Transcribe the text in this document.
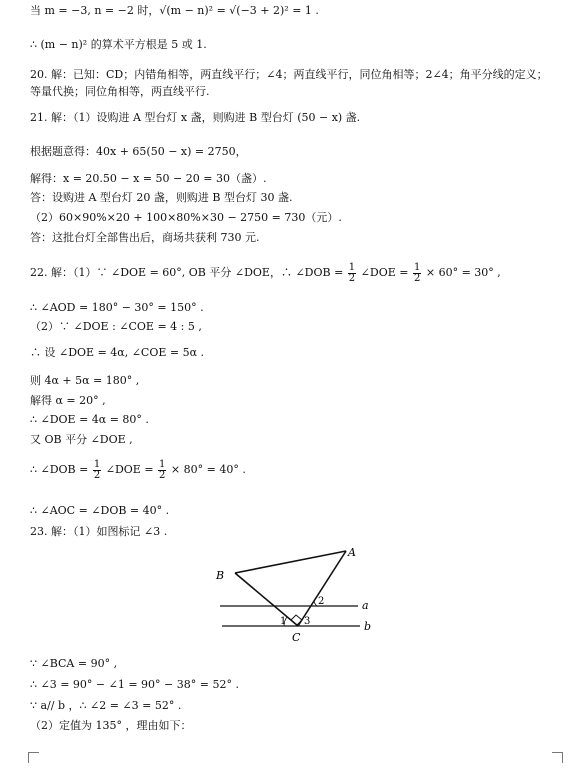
当 m = −3, n = −2 时，√(m − n)² = √(−3 + 2)² = 1 .
∴ (m − n)² 的算术平方根是 5 或 1.
20. 解：已知：CD；内错角相等，两直线平行；∠4；两直线平行，同位角相等；2∠4；角平分线的定义；
等量代换；同位角相等，两直线平行.
21. 解：（1）设购进 A 型台灯 x 盏，则购进 B 型台灯 (50 − x) 盏.
根据题意得：40x + 65(50 − x) = 2750，
解得：x = 20.50 − x = 50 − 20 = 30（盏）.
答：设购进 A 型台灯 20 盏，则购进 B 型台灯 30 盏.
（2）60×90%×20 + 100×80%×30 − 2750 = 730（元）.
答：这批台灯全部售出后，商场共获利 730 元.
22. 解：（1）∵ ∠DOE = 60°, OB 平分 ∠DOE，∴ ∠DOB = $\frac{1}{2}$ ∠DOE = $\frac{1}{2} \times 60^\circ = 30^\circ$ ,
∴ ∠AOD = 180° − 30° = 150° .
（2）∵ ∠DOE : ∠COE = 4 : 5 ,
∴ 设 ∠DOE = 4α, ∠COE = 5α .
则 4α + 5α = 180° ,
解得 α = 20° ,
∴ ∠DOE = 4α = 80° .
又 OB 平分 ∠DOE ,
∴ ∠DOB = $\frac{1}{2}$ ∠DOE = $\frac{1}{2} \times 80^\circ = 40^\circ$ .
∴ ∠AOC = ∠DOB = 40° .
23. 解：（1）如图标记 ∠3 .
A
B
C
a
b
1
2
3
∵ ∠BCA = 90° ,
∴ ∠3 = 90° − ∠1 = 90° − 38° = 52° .
∵ a// b ，∴ ∠2 = ∠3 = 52° .
（2）定值为 135° ，理由如下：
